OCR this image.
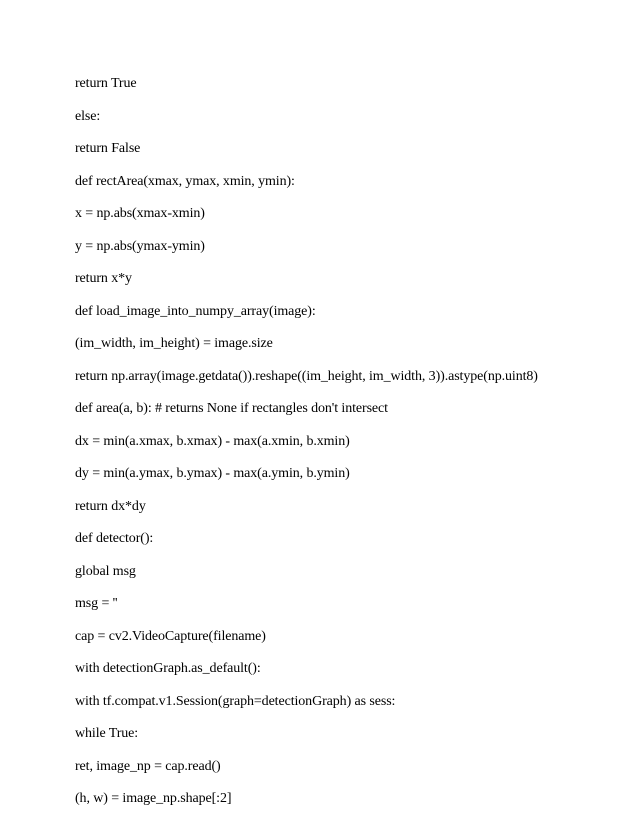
return True
else:
return False
def rectArea(xmax, ymax, xmin, ymin):
x = np.abs(xmax-xmin)
y = np.abs(ymax-ymin)
return x*y
def load_image_into_numpy_array(image):
(im_width, im_height) = image.size
return np.array(image.getdata()).reshape((im_height, im_width, 3)).astype(np.uint8)
def area(a, b): # returns None if rectangles don't intersect
dx = min(a.xmax, b.xmax) - max(a.xmin, b.xmin)
dy = min(a.ymax, b.ymax) - max(a.ymin, b.ymin)
return dx*dy
def detector():
global msg
msg = ''
cap = cv2.VideoCapture(filename)
with detectionGraph.as_default():
with tf.compat.v1.Session(graph=detectionGraph) as sess:
while True:
ret, image_np = cap.read()
(h, w) = image_np.shape[:2]
